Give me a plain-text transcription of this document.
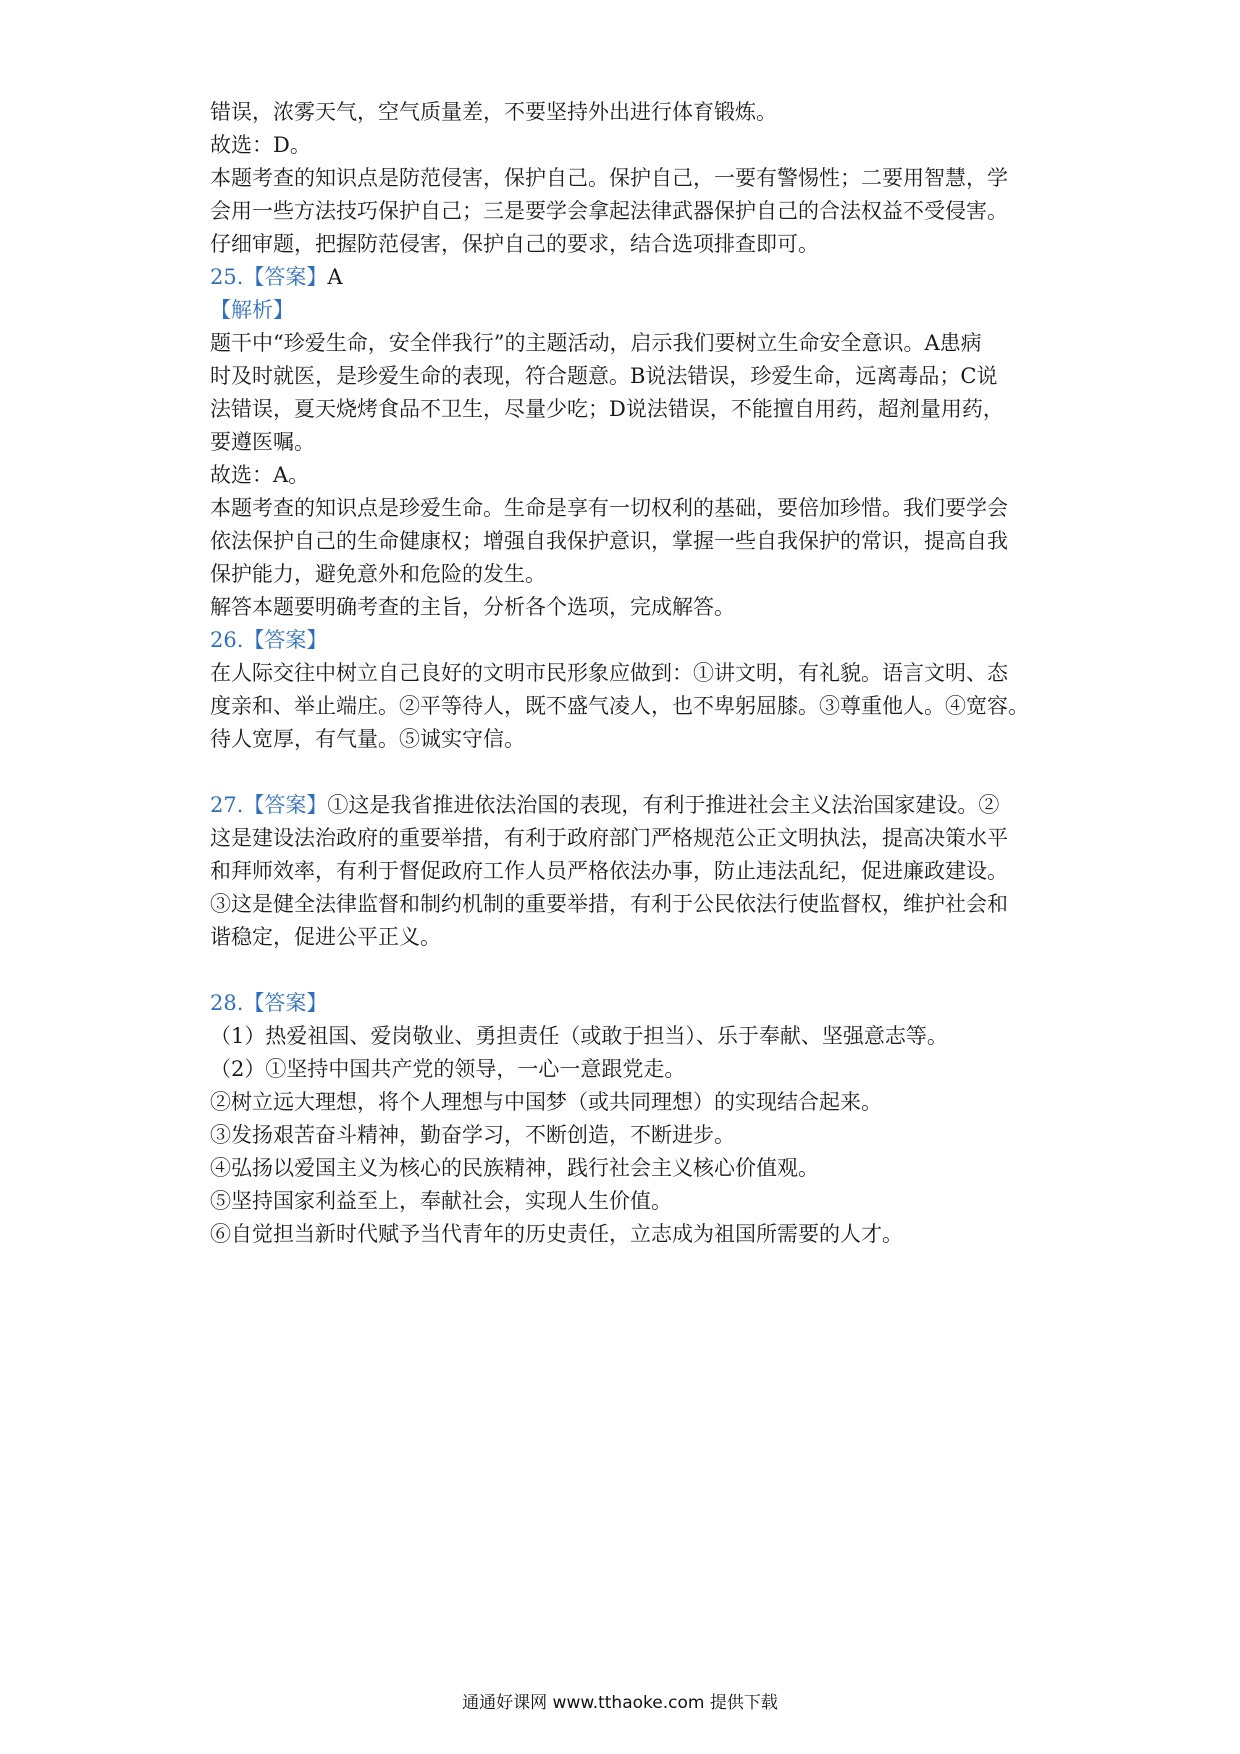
错误，浓雾天气，空气质量差，不要坚持外出进行体育锻炼。
故选：D。
本题考查的知识点是防范侵害，保护自己。保护自己，一要有警惕性；二要用智慧，学
会用一些方法技巧保护自己；三是要学会拿起法律武器保护自己的合法权益不受侵害。
仔细审题，把握防范侵害，保护自己的要求，结合选项排查即可。
25.【答案】A
【解析】
题干中“珍爱生命，安全伴我行”的主题活动，启示我们要树立生命安全意识。A患病
时及时就医，是珍爱生命的表现，符合题意。B说法错误，珍爱生命，远离毒品；C说
法错误，夏天烧烤食品不卫生，尽量少吃；D说法错误，不能擅自用药，超剂量用药，
要遵医嘱。
故选：A。
本题考查的知识点是珍爱生命。生命是享有一切权利的基础，要倍加珍惜。我们要学会
依法保护自己的生命健康权；增强自我保护意识，掌握一些自我保护的常识，提高自我
保护能力，避免意外和危险的发生。
解答本题要明确考查的主旨，分析各个选项，完成解答。
26.【答案】
在人际交往中树立自己良好的文明市民形象应做到：①讲文明，有礼貌。语言文明、态
度亲和、举止端庄。②平等待人，既不盛气凌人，也不卑躬屈膝。③尊重他人。④宽容。
待人宽厚，有气量。⑤诚实守信。
27.【答案】①这是我省推进依法治国的表现，有利于推进社会主义法治国家建设。②
这是建设法治政府的重要举措，有利于政府部门严格规范公正文明执法，提高决策水平
和拜师效率，有利于督促政府工作人员严格依法办事，防止违法乱纪，促进廉政建设。
③这是健全法律监督和制约机制的重要举措，有利于公民依法行使监督权，维护社会和
谐稳定，促进公平正义。
28.【答案】
（1）热爱祖国、爱岗敬业、勇担责任（或敢于担当）、乐于奉献、坚强意志等。
（2）①坚持中国共产党的领导，一心一意跟党走。
②树立远大理想，将个人理想与中国梦（或共同理想）的实现结合起来。
③发扬艰苦奋斗精神，勤奋学习，不断创造，不断进步。
④弘扬以爱国主义为核心的民族精神，践行社会主义核心价值观。
⑤坚持国家利益至上，奉献社会，实现人生价值。
⑥自觉担当新时代赋予当代青年的历史责任，立志成为祖国所需要的人才。
通通好课网 www.tthaoke.com 提供下载
